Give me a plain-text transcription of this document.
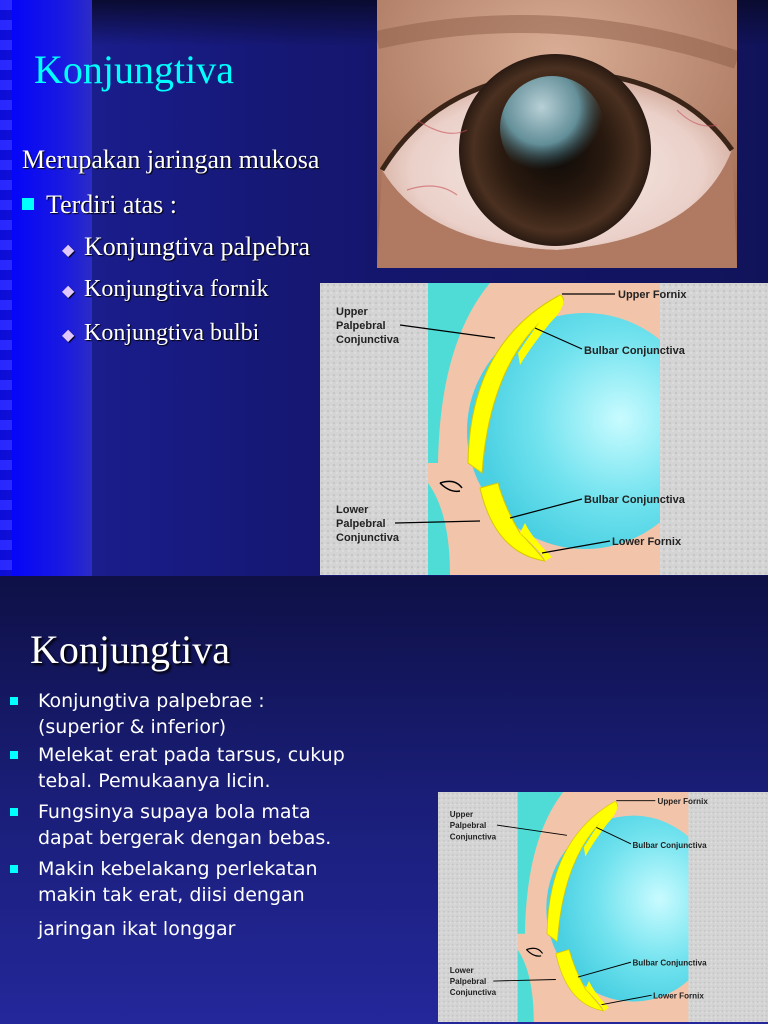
Konjungtiva
Merupakan jaringan mukosa
Terdiri atas :
◆ Konjungtiva palpebra
◆ Konjungtiva fornik
◆ Konjungtiva bulbi
Upper Fornix
Upper
Palpebral
Conjunctiva
Bulbar Conjunctiva
Bulbar Conjunctiva
Lower
Palpebral
Conjunctiva	Lower Fornix
Konjungtiva
Konjungtiva palpebrae :
(superior & inferior)
Melekat erat pada tarsus, cukup
tebal. Pemukaanya licin.
Fungsinya supaya bola mata
dapat bergerak dengan bebas.
Makin kebelakang perlekatan
makin tak erat, diisi dengan
jaringan ikat longgar
Upper Fornix
Upper
Palpebral
Conjunctiva
Bulbar Conjunctiva
Bulbar Conjunctiva
Lower
Palpebral
Conjunctiva	Lower Fornix
